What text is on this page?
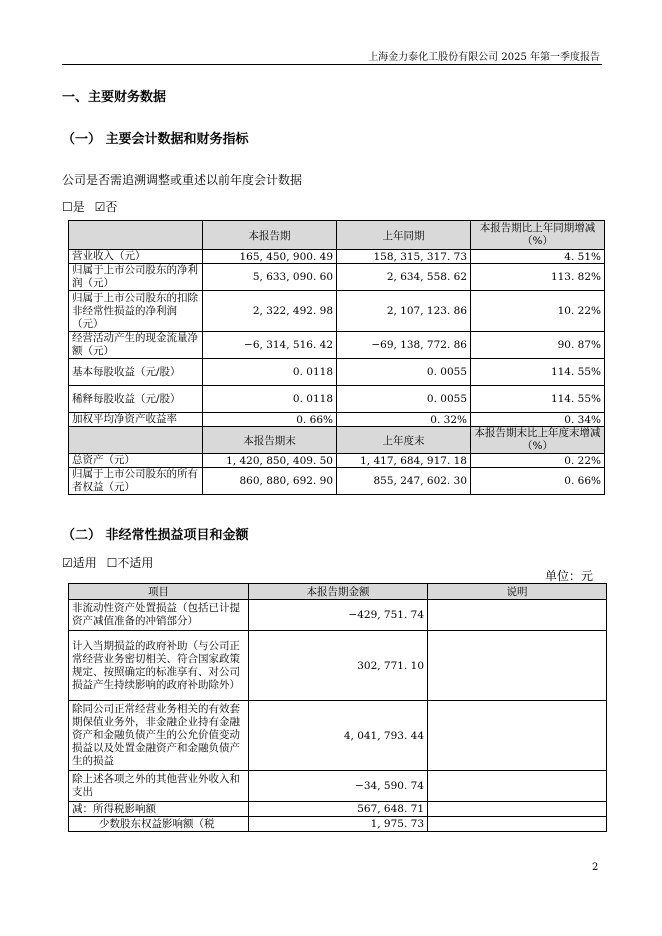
上海金力泰化工股份有限公司 2025 年第一季度报告
一、主要财务数据
（一） 主要会计数据和财务指标
公司是否需追溯调整或重述以前年度会计数据
☐是 ☑否
	本报告期	上年同期	本报告期比上年同期增减（%）
营业收入（元）	165, 450, 900. 49	158, 315, 317. 73	4. 51%
归属于上市公司股东的净利润（元）	5, 633, 090. 60	2, 634, 558. 62	113. 82%
归属于上市公司股东的扣除非经常性损益的净利润（元）	2, 322, 492. 98	2, 107, 123. 86	10. 22%
经营活动产生的现金流量净额（元）	−6, 314, 516. 42	−69, 138, 772. 86	90. 87%
基本每股收益（元/股）	0. 0118	0. 0055	114. 55%
稀释每股收益（元/股）	0. 0118	0. 0055	114. 55%
加权平均净资产收益率	0. 66%	0. 32%	0. 34%
	本报告期末	上年度末	本报告期末比上年度末增减（%）
总资产（元）	1, 420, 850, 409. 50	1, 417, 684, 917. 18	0. 22%
归属于上市公司股东的所有者权益（元）	860, 880, 692. 90	855, 247, 602. 30	0. 66%
（二） 非经常性损益项目和金额
☑适用 ☐不适用
单位：元
项目	本报告期金额	说明
非流动性资产处置损益（包括已计提资产减值准备的冲销部分）	−429, 751. 74	
计入当期损益的政府补助（与公司正常经营业务密切相关、符合国家政策规定、按照确定的标准享有、对公司损益产生持续影响的政府补助除外）	302, 771. 10	
除同公司正常经营业务相关的有效套期保值业务外，非金融企业持有金融资产和金融负债产生的公允价值变动损益以及处置金融资产和金融负债产生的损益	4, 041, 793. 44	
除上述各项之外的其他营业外收入和支出	−34, 590. 74	
减：所得税影响额	567, 648. 71	
少数股东权益影响额（税	1, 975. 73	
2
